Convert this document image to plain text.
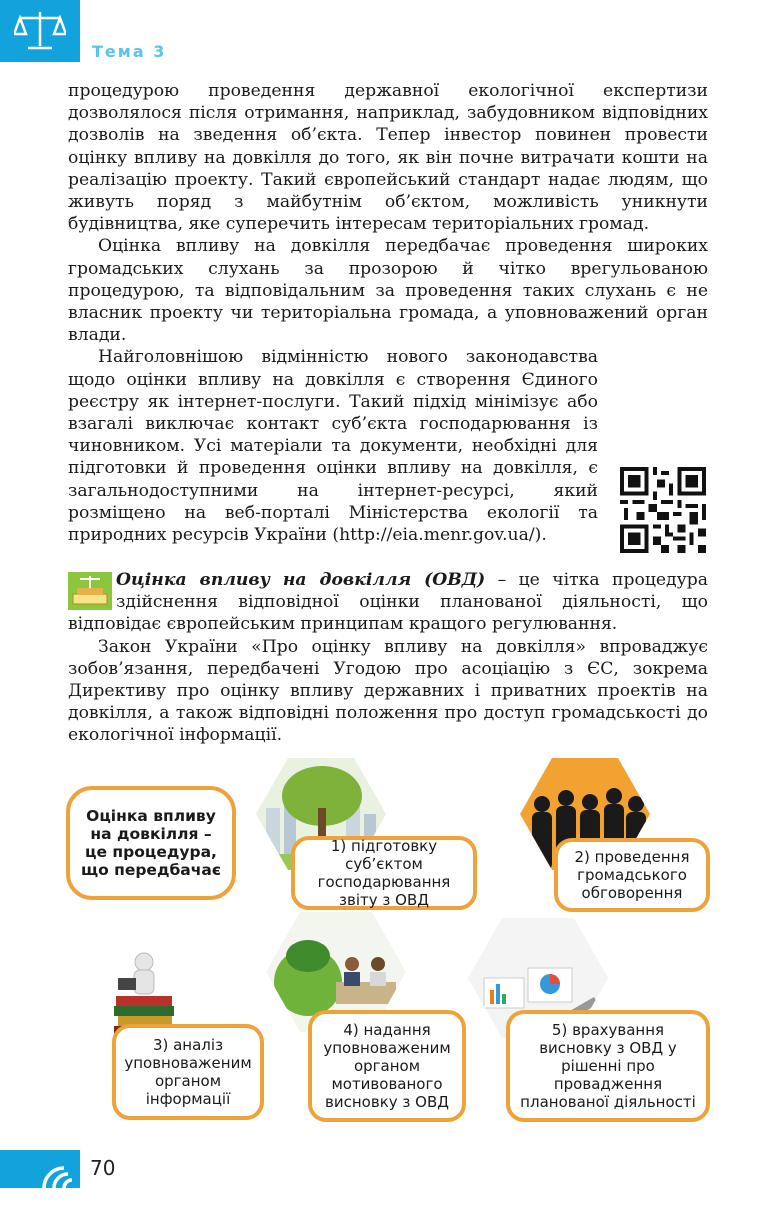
Тема 3

процедурою проведення державної екологічної експертизи дозволялося після отримання, наприклад, забудовником відповідних дозволів на зведення об’єкта. Тепер інвестор повинен провести оцінку впливу на довкілля до того, як він почне витрачати кошти на реалізацію проекту. Такий європейський стандарт надає людям, що живуть поряд з майбутнім об’єктом, можливість уникнути будівництва, яке суперечить інтересам територіальних громад.

Оцінка впливу на довкілля передбачає проведення широких громадських слухань за прозорою й чітко врегульованою процедурою, та відповідальним за проведення таких слухань є не власник проекту чи територіальна громада, а уповноважений орган влади.

Найголовнішою відмінністю нового законодавства щодо оцінки впливу на довкілля є створення Єдиного реєстру як інтернет-послуги. Такий підхід мінімізує або взагалі виключає контакт суб’єкта господарювання із чиновником. Усі матеріали та документи, необхідні для підготовки й проведення оцінки впливу на довкілля, є загальнодоступними на інтернет-ресурсі, який розміщено на веб-порталі Міністерства екології та природних ресурсів України (http://eia.menr.gov.ua/).

Оцінка впливу на довкілля (ОВД) – це чітка процедура здійснення відповідної оцінки планованої діяльності, що відповідає європейським принципам кращого регулювання.

Закон України «Про оцінку впливу на довкілля» впроваджує зобов’язання, передбачені Угодою про асоціацію з ЄС, зокрема Директиву про оцінку впливу державних і приватних проектів на довкілля, а також відповідні положення про доступ громадськості до екологічної інформації.

Оцінка впливу на довкілля – це процедура, що передбачає
1) підготовку суб’єктом господарювання звіту з ОВД
2) проведення громадського обговорення
3) аналіз уповноваженим органом інформації
4) надання уповноваженим органом мотивованого висновку з ОВД
5) врахування висновку з ОВД у рішенні про провадження планованої діяльності
70
